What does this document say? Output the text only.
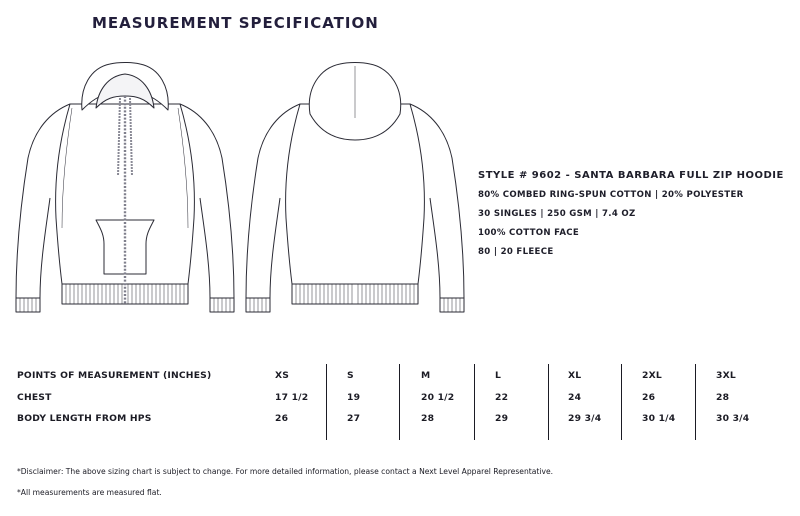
MEASUREMENT SPECIFICATION
STYLE # 9602 - SANTA BARBARA FULL ZIP HOODIE
80% COMBED RING-SPUN COTTON | 20% POLYESTER
30 SINGLES | 250 GSM | 7.4 OZ
100% COTTON FACE
80 | 20 FLEECE
POINTS OF MEASUREMENT (INCHES)	XS	S	M	L	XL	2XL	3XL
CHEST	17 1/2	19	20 1/2	22	24	26	28
BODY LENGTH FROM HPS	26	27	28	29	29 3/4	30 1/4	30 3/4
*Disclaimer: The above sizing chart is subject to change. For more detailed information, please contact a Next Level Apparel Representative.
*All measurements are measured flat.
